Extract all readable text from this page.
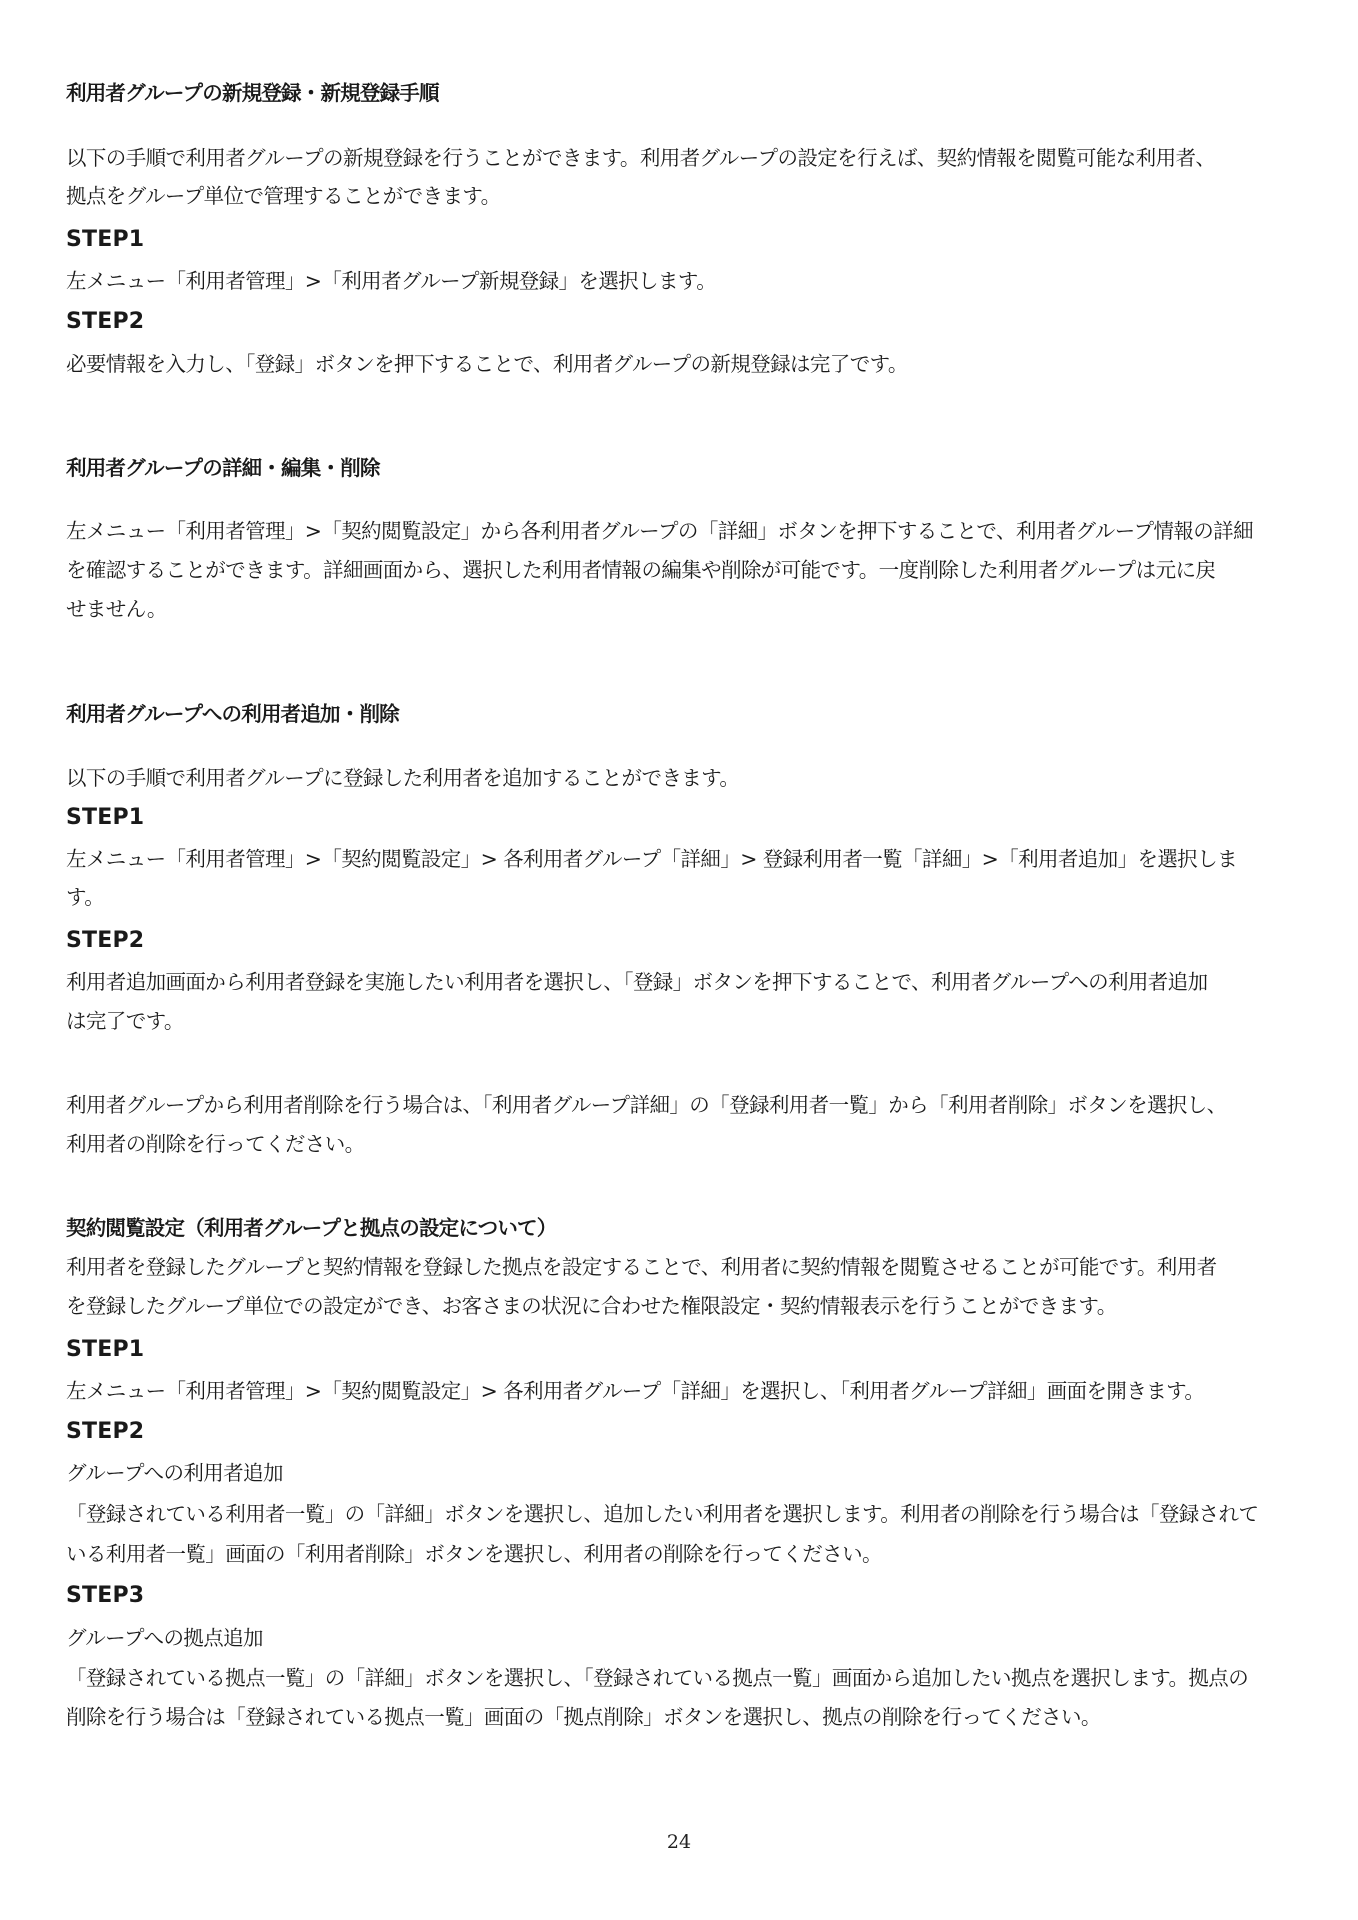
利用者グループの新規登録・新規登録手順
以下の手順で利用者グループの新規登録を行うことができます。利用者グループの設定を行えば、契約情報を閲覧可能な利用者、
拠点をグループ単位で管理することができます。
STEP1
左メニュー「利用者管理」>「利用者グループ新規登録」を選択します。
STEP2
必要情報を入力し、「登録」ボタンを押下することで、利用者グループの新規登録は完了です。
利用者グループの詳細・編集・削除
左メニュー「利用者管理」>「契約閲覧設定」から各利用者グループの「詳細」ボタンを押下することで、利用者グループ情報の詳細
を確認することができます。詳細画面から、選択した利用者情報の編集や削除が可能です。一度削除した利用者グループは元に戻
せません。
利用者グループへの利用者追加・削除
以下の手順で利用者グループに登録した利用者を追加することができます。
STEP1
左メニュー「利用者管理」>「契約閲覧設定」> 各利用者グループ「詳細」> 登録利用者一覧「詳細」>「利用者追加」を選択しま
す。
STEP2
利用者追加画面から利用者登録を実施したい利用者を選択し、「登録」ボタンを押下することで、利用者グループへの利用者追加
は完了です。
利用者グループから利用者削除を行う場合は、「利用者グループ詳細」の「登録利用者一覧」から「利用者削除」ボタンを選択し、
利用者の削除を行ってください。
契約閲覧設定（利用者グループと拠点の設定について）
利用者を登録したグループと契約情報を登録した拠点を設定することで、利用者に契約情報を閲覧させることが可能です。利用者
を登録したグループ単位での設定ができ、お客さまの状況に合わせた権限設定・契約情報表示を行うことができます。
STEP1
左メニュー「利用者管理」>「契約閲覧設定」> 各利用者グループ「詳細」を選択し、「利用者グループ詳細」画面を開きます。
STEP2
グループへの利用者追加
「登録されている利用者一覧」の「詳細」ボタンを選択し、追加したい利用者を選択します。利用者の削除を行う場合は「登録されて
いる利用者一覧」画面の「利用者削除」ボタンを選択し、利用者の削除を行ってください。
STEP3
グループへの拠点追加
「登録されている拠点一覧」の「詳細」ボタンを選択し、「登録されている拠点一覧」画面から追加したい拠点を選択します。拠点の
削除を行う場合は「登録されている拠点一覧」画面の「拠点削除」ボタンを選択し、拠点の削除を行ってください。
24
